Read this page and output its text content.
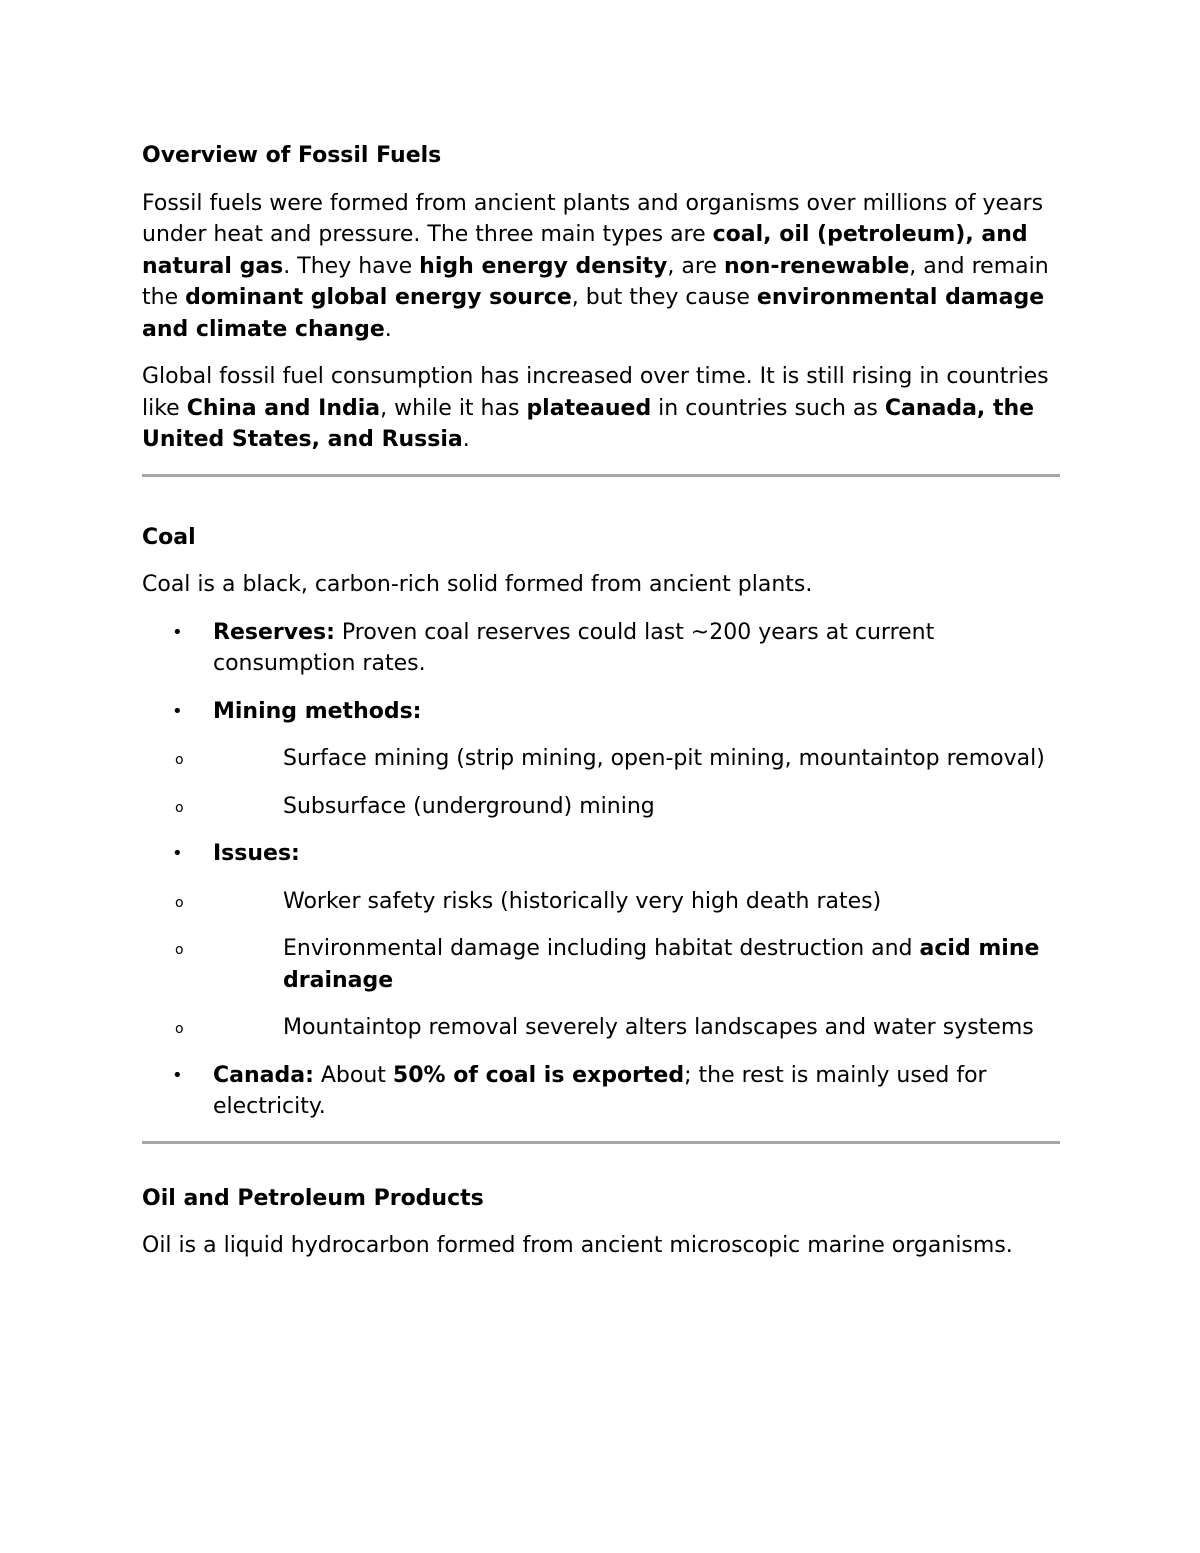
Overview of Fossil Fuels

Fossil fuels were formed from ancient plants and organisms over millions of years under heat and pressure. The three main types are coal, oil (petroleum), and natural gas. They have high energy density, are non-renewable, and remain the dominant global energy source, but they cause environmental damage and climate change.

Global fossil fuel consumption has increased over time. It is still rising in countries like China and India, while it has plateaued in countries such as Canada, the United States, and Russia.

Coal

Coal is a black, carbon-rich solid formed from ancient plants.

• Reserves: Proven coal reserves could last ~200 years at current consumption rates.
• Mining methods:
o	Surface mining (strip mining, open-pit mining, mountaintop removal)
o	Subsurface (underground) mining
• Issues:
o	Worker safety risks (historically very high death rates)
o	Environmental damage including habitat destruction and acid mine drainage
o	Mountaintop removal severely alters landscapes and water systems
• Canada: About 50% of coal is exported; the rest is mainly used for electricity.
Oil and Petroleum Products

Oil is a liquid hydrocarbon formed from ancient microscopic marine organisms.
